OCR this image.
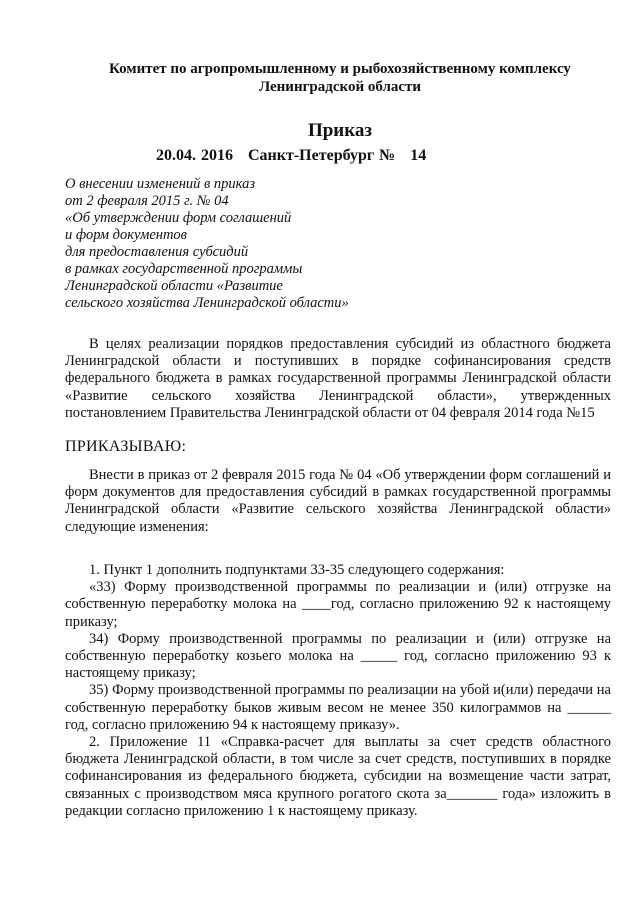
Комитет по агропромышленному и рыбохозяйственному комплексу
Ленинградской области
Приказ
20.04. 2016   Санкт-Петербург №   14
О внесении изменений в приказ
от 2 февраля 2015 г. № 04
«Об утверждении форм соглашений
и форм документов
для предоставления субсидий
в рамках государственной программы
Ленинградской области «Развитие
сельского хозяйства Ленинградской области»

В целях реализации порядков предоставления субсидий из областного бюджета Ленинградской области и поступивших в порядке софинансирования средств федерального бюджета в рамках государственной программы Ленинградской области «Развитие сельского хозяйства Ленинградской области», утвержденных постановлением Правительства Ленинградской области от 04 февраля 2014 года №15

ПРИКАЗЫВАЮ:

Внести в приказ от 2 февраля 2015 года № 04 «Об утверждении форм соглашений и форм документов для предоставления субсидий в рамках государственной программы Ленинградской области «Развитие сельского хозяйства Ленинградской области» следующие изменения:

1. Пункт 1 дополнить подпунктами 33-35 следующего содержания:

«33) Форму производственной программы по реализации и (или) отгрузке на собственную переработку молока на ____год, согласно приложению 92 к настоящему приказу;

34) Форму производственной программы по реализации и (или) отгрузке на собственную переработку козьего молока на _____ год, согласно приложению 93 к настоящему приказу;

35) Форму производственной программы по реализации на убой и(или) передачи на собственную переработку быков живым весом не менее 350 килограммов на ______ год, согласно приложению 94 к настоящему приказу».

2. Приложение 11 «Справка-расчет для выплаты за счет средств областного бюджета Ленинградской области, в том числе за счет средств, поступивших в порядке софинансирования из федерального бюджета, субсидии на возмещение части затрат, связанных с производством мяса крупного рогатого скота за_______ года» изложить в редакции согласно приложению 1 к настоящему приказу.
